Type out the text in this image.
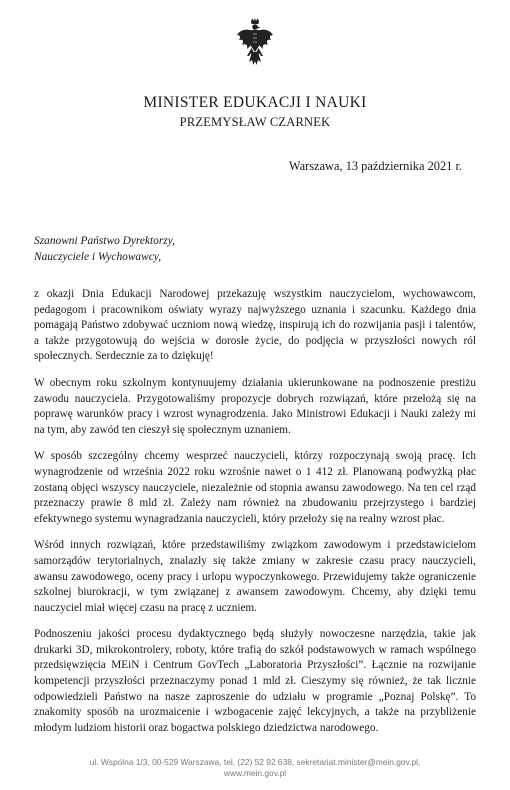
MINISTER EDUKACJI I NAUKI
PRZEMYSŁAW CZARNEK
Warszawa, 13 października 2021 r.
Szanowni Państwo Dyrektorzy,
Nauczyciele i Wychowawcy,

z okazji Dnia Edukacji Narodowej przekazuję wszystkim nauczycielom, wychowawcom, pedagogom i pracownikom oświaty wyrazy najwyższego uznania i szacunku. Każdego dnia pomagają Państwo zdobywać uczniom nową wiedzę, inspirują ich do rozwijania pasji i talentów, a także przygotowują do wejścia w dorosłe życie, do podjęcia w przyszłości nowych ról społecznych. Serdecznie za to dziękuję!

W obecnym roku szkolnym kontynuujemy działania ukierunkowane na podnoszenie prestiżu zawodu nauczyciela. Przygotowaliśmy propozycje dobrych rozwiązań, które przełożą się na poprawę warunków pracy i wzrost wynagrodzenia. Jako Ministrowi Edukacji i Nauki zależy mi na tym, aby zawód ten cieszył się społecznym uznaniem.

W sposób szczególny chcemy wesprzeć nauczycieli, którzy rozpoczynają swoją pracę. Ich wynagrodzenie od września 2022 roku wzrośnie nawet o 1 412 zł. Planowaną podwyżką płac zostaną objęci wszyscy nauczyciele, niezależnie od stopnia awansu zawodowego. Na ten cel rząd przeznaczy prawie 8 mld zł. Zależy nam również na zbudowaniu przejrzystego i bardziej efektywnego systemu wynagradzania nauczycieli, który przełoży się na realny wzrost płac.

Wśród innych rozwiązań, które przedstawiliśmy związkom zawodowym i przedstawicielom samorządów terytorialnych, znalazły się także zmiany w zakresie czasu pracy nauczycieli, awansu zawodowego, oceny pracy i urlopu wypoczynkowego. Przewidujemy także ograniczenie szkolnej biurokracji, w tym związanej z awansem zawodowym. Chcemy, aby dzięki temu nauczyciel miał więcej czasu na pracę z uczniem.

Podnoszeniu jakości procesu dydaktycznego będą służyły nowoczesne narzędzia, takie jak drukarki 3D, mikrokontrolery, roboty, które trafią do szkół podstawowych w ramach wspólnego przedsięwzięcia MEiN i Centrum GovTech „Laboratoria Przyszłości”. Łącznie na rozwijanie kompetencji przyszłości przeznaczymy ponad 1 mld zł. Cieszymy się również, że tak licznie odpowiedzieli Państwo na nasze zaproszenie do udziału w programie „Poznaj Polskę”. To znakomity sposób na urozmaicenie i wzbogacenie zajęć lekcyjnych, a także na przybliżenie młodym ludziom historii oraz bogactwa polskiego dziedzictwa narodowego.

ul. Wspólna 1/3, 00-529 Warszawa, tel. (22) 52 92 638, sekretariat.minister@mein.gov.pl,
www.mein.gov.pl
